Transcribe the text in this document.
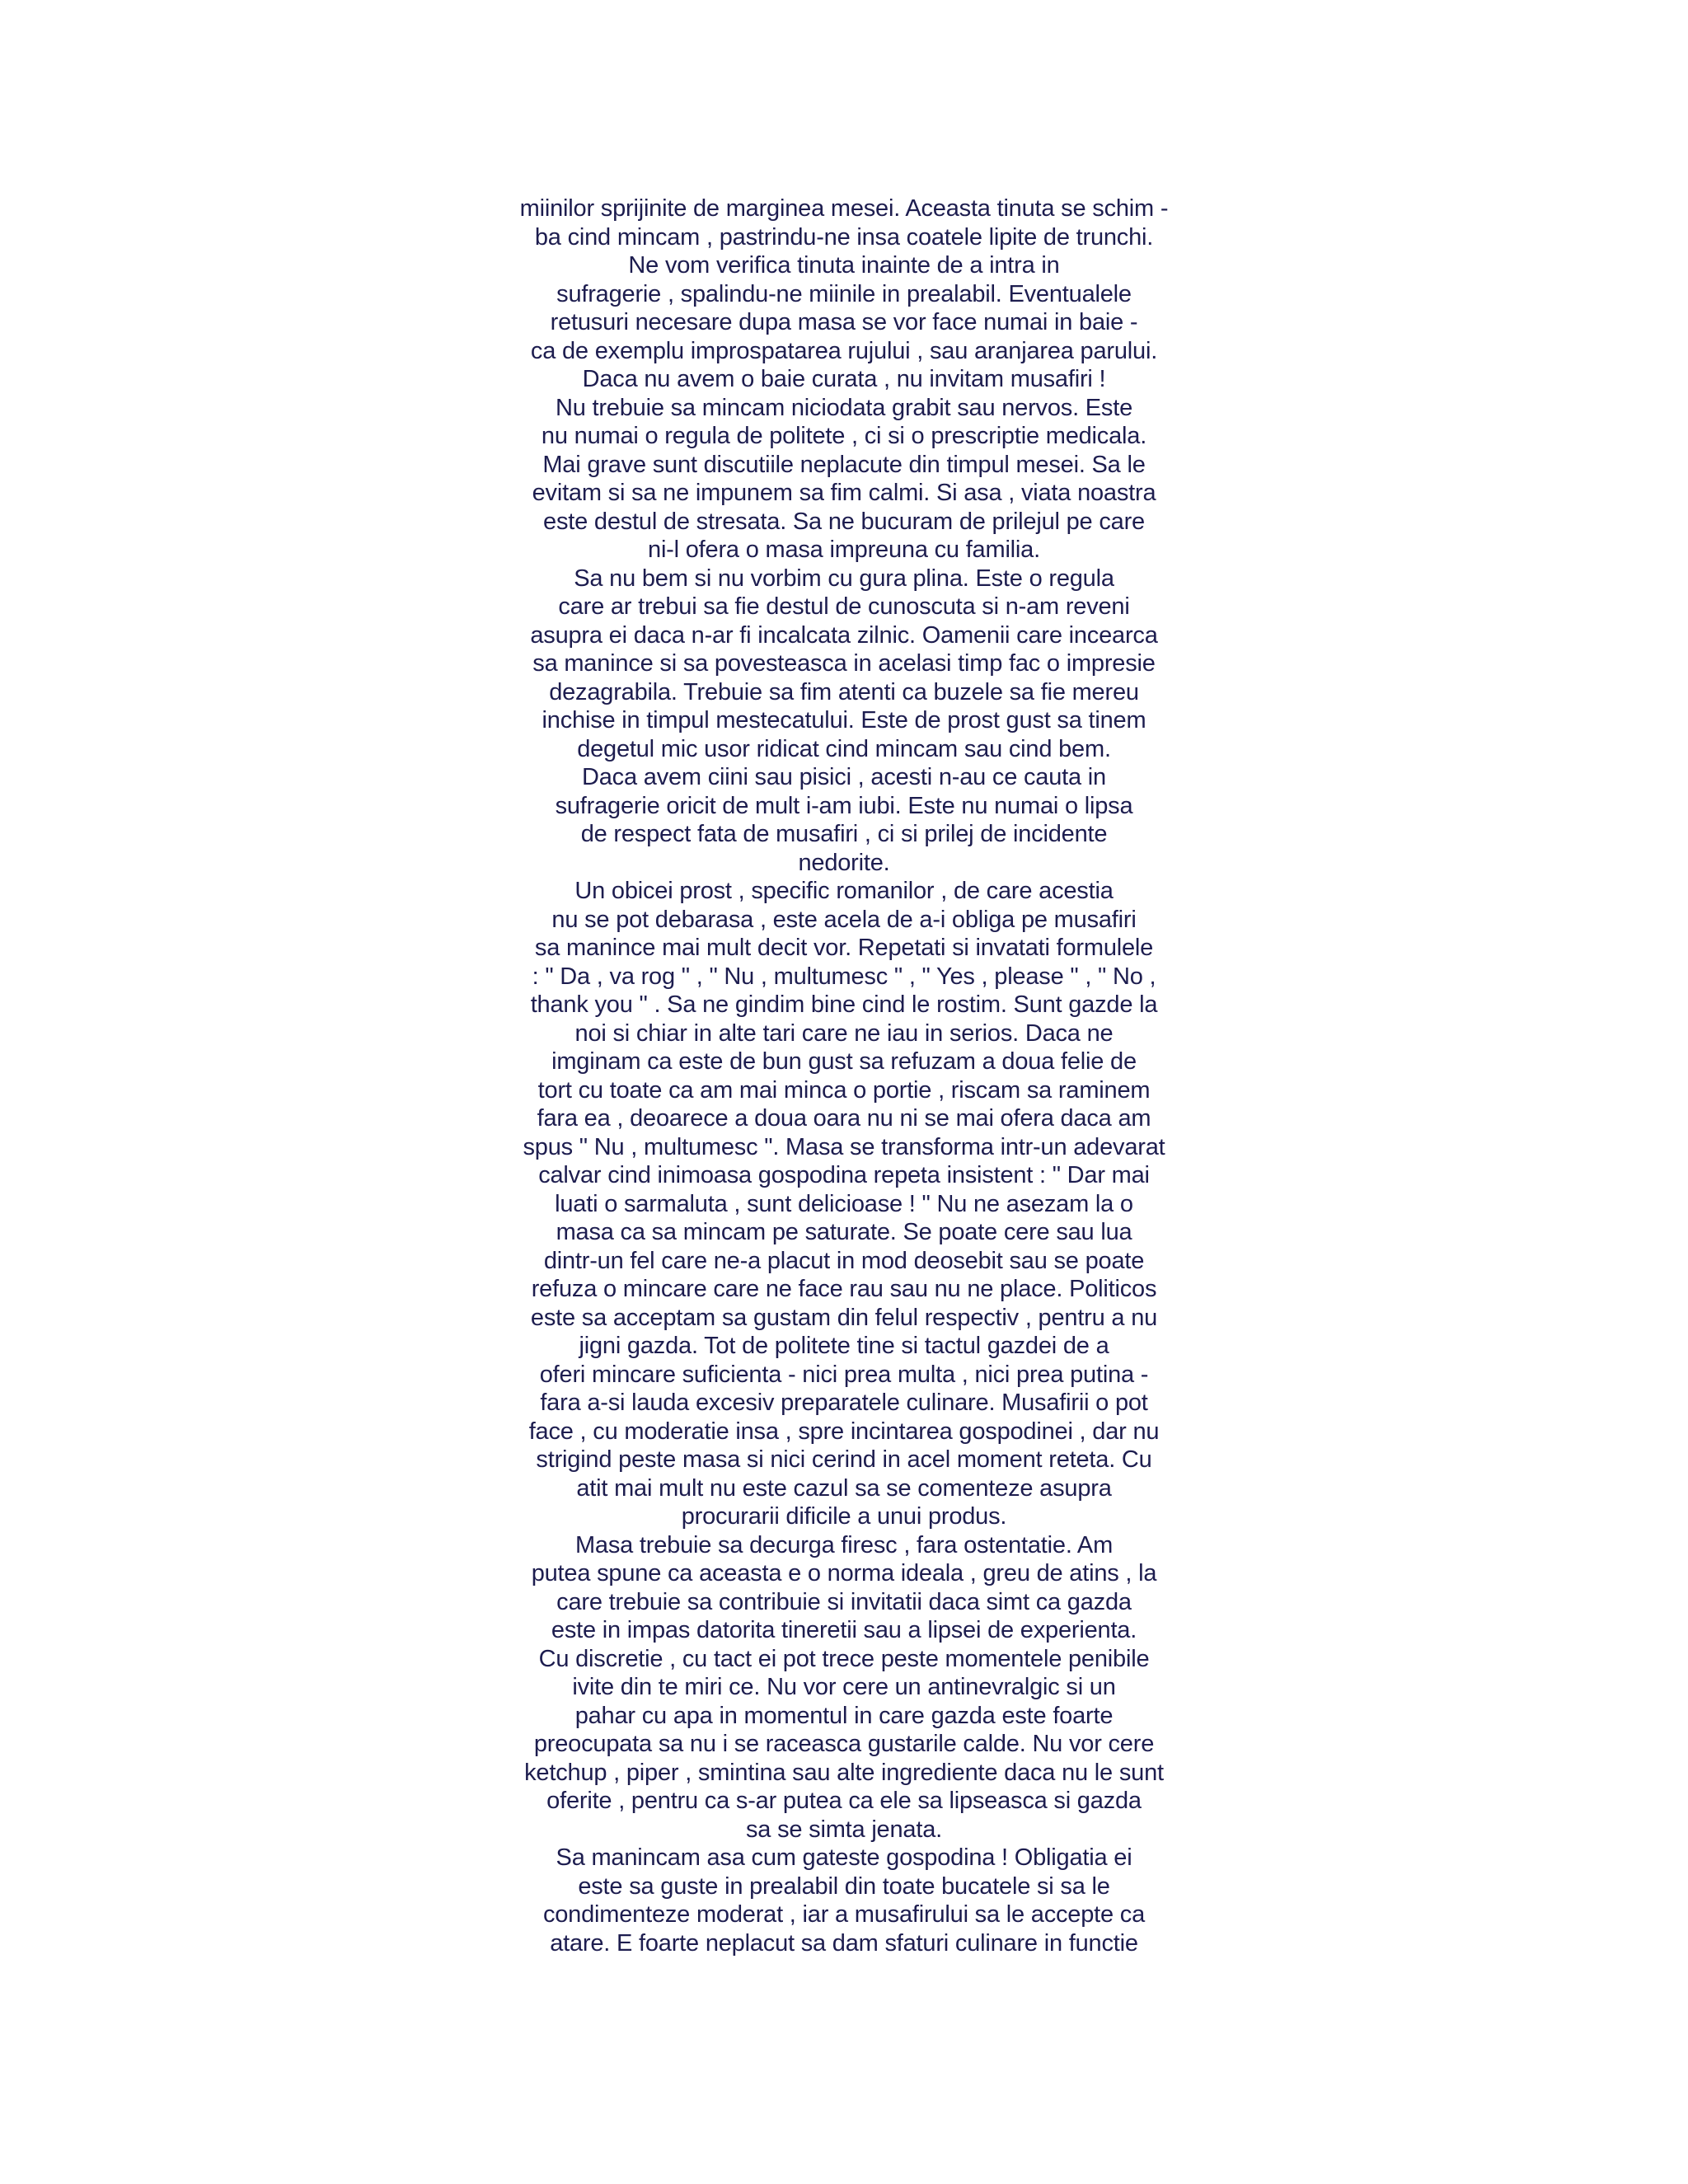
miinilor sprijinite de marginea mesei. Aceasta tinuta se schim -
ba cind mincam , pastrindu-ne insa coatele lipite de trunchi.
Ne vom verifica tinuta inainte de a intra in
sufragerie , spalindu-ne miinile in prealabil. Eventualele
retusuri necesare dupa masa se vor face numai in baie -
ca de exemplu improspatarea rujului , sau aranjarea parului.
Daca nu avem o baie curata , nu invitam musafiri !
Nu trebuie sa mincam niciodata grabit sau nervos. Este
nu numai o regula de politete , ci si o prescriptie medicala.
Mai grave sunt discutiile neplacute din timpul mesei. Sa le
evitam si sa ne impunem sa fim calmi. Si asa , viata noastra
este destul de stresata. Sa ne bucuram de prilejul pe care
ni-l ofera o masa impreuna cu familia.
Sa nu bem si nu vorbim cu gura plina. Este o regula
care ar trebui sa fie destul de cunoscuta si n-am reveni
asupra ei daca n-ar fi incalcata zilnic. Oamenii care incearca
sa manince si sa povesteasca in acelasi timp fac o impresie
dezagrabila. Trebuie sa fim atenti ca buzele sa fie mereu
inchise in timpul mestecatului. Este de prost gust sa tinem
degetul mic usor ridicat cind mincam sau cind bem.
Daca avem ciini sau pisici , acesti n-au ce cauta in
sufragerie oricit de mult i-am iubi. Este nu numai o lipsa
de respect fata de musafiri , ci si prilej de incidente
nedorite.
Un obicei prost , specific romanilor , de care acestia
nu se pot debarasa , este acela de a-i obliga pe musafiri
sa manince mai mult decit vor. Repetati si invatati formulele
: " Da , va rog " , " Nu , multumesc " , " Yes , please " , " No ,
thank you " . Sa ne gindim bine cind le rostim. Sunt gazde la
noi si chiar in alte tari care ne iau in serios. Daca ne
imginam ca este de bun gust sa refuzam a doua felie de
tort cu toate ca am mai minca o portie , riscam sa raminem
fara ea , deoarece a doua oara nu ni se mai ofera daca am
spus " Nu , multumesc ". Masa se transforma intr-un adevarat
calvar cind inimoasa gospodina repeta insistent : " Dar mai
luati o sarmaluta , sunt delicioase ! " Nu ne asezam la o
masa ca sa mincam pe saturate. Se poate cere sau lua
dintr-un fel care ne-a placut in mod deosebit sau se poate
refuza o mincare care ne face rau sau nu ne place. Politicos
este sa acceptam sa gustam din felul respectiv , pentru a nu
jigni gazda. Tot de politete tine si tactul gazdei de a
oferi mincare suficienta - nici prea multa , nici prea putina -
fara a-si lauda excesiv preparatele culinare. Musafirii o pot
face , cu moderatie insa , spre incintarea gospodinei , dar nu
strigind peste masa si nici cerind in acel moment reteta. Cu
atit mai mult nu este cazul sa se comenteze asupra
procurarii dificile a unui produs.
Masa trebuie sa decurga firesc , fara ostentatie. Am
putea spune ca aceasta e o norma ideala , greu de atins , la
care trebuie sa contribuie si invitatii daca simt ca gazda
este in impas datorita tineretii sau a lipsei de experienta.
Cu discretie , cu tact ei pot trece peste momentele penibile
ivite din te miri ce. Nu vor cere un antinevralgic si un
pahar cu apa in momentul in care gazda este foarte
preocupata sa nu i se raceasca gustarile calde. Nu vor cere
ketchup , piper , smintina sau alte ingrediente daca nu le sunt
oferite , pentru ca s-ar putea ca ele sa lipseasca si gazda
sa se simta jenata.
Sa manincam asa cum gateste gospodina ! Obligatia ei
este sa guste in prealabil din toate bucatele si sa le
condimenteze moderat , iar a musafirului sa le accepte ca
atare. E foarte neplacut sa dam sfaturi culinare in functie
